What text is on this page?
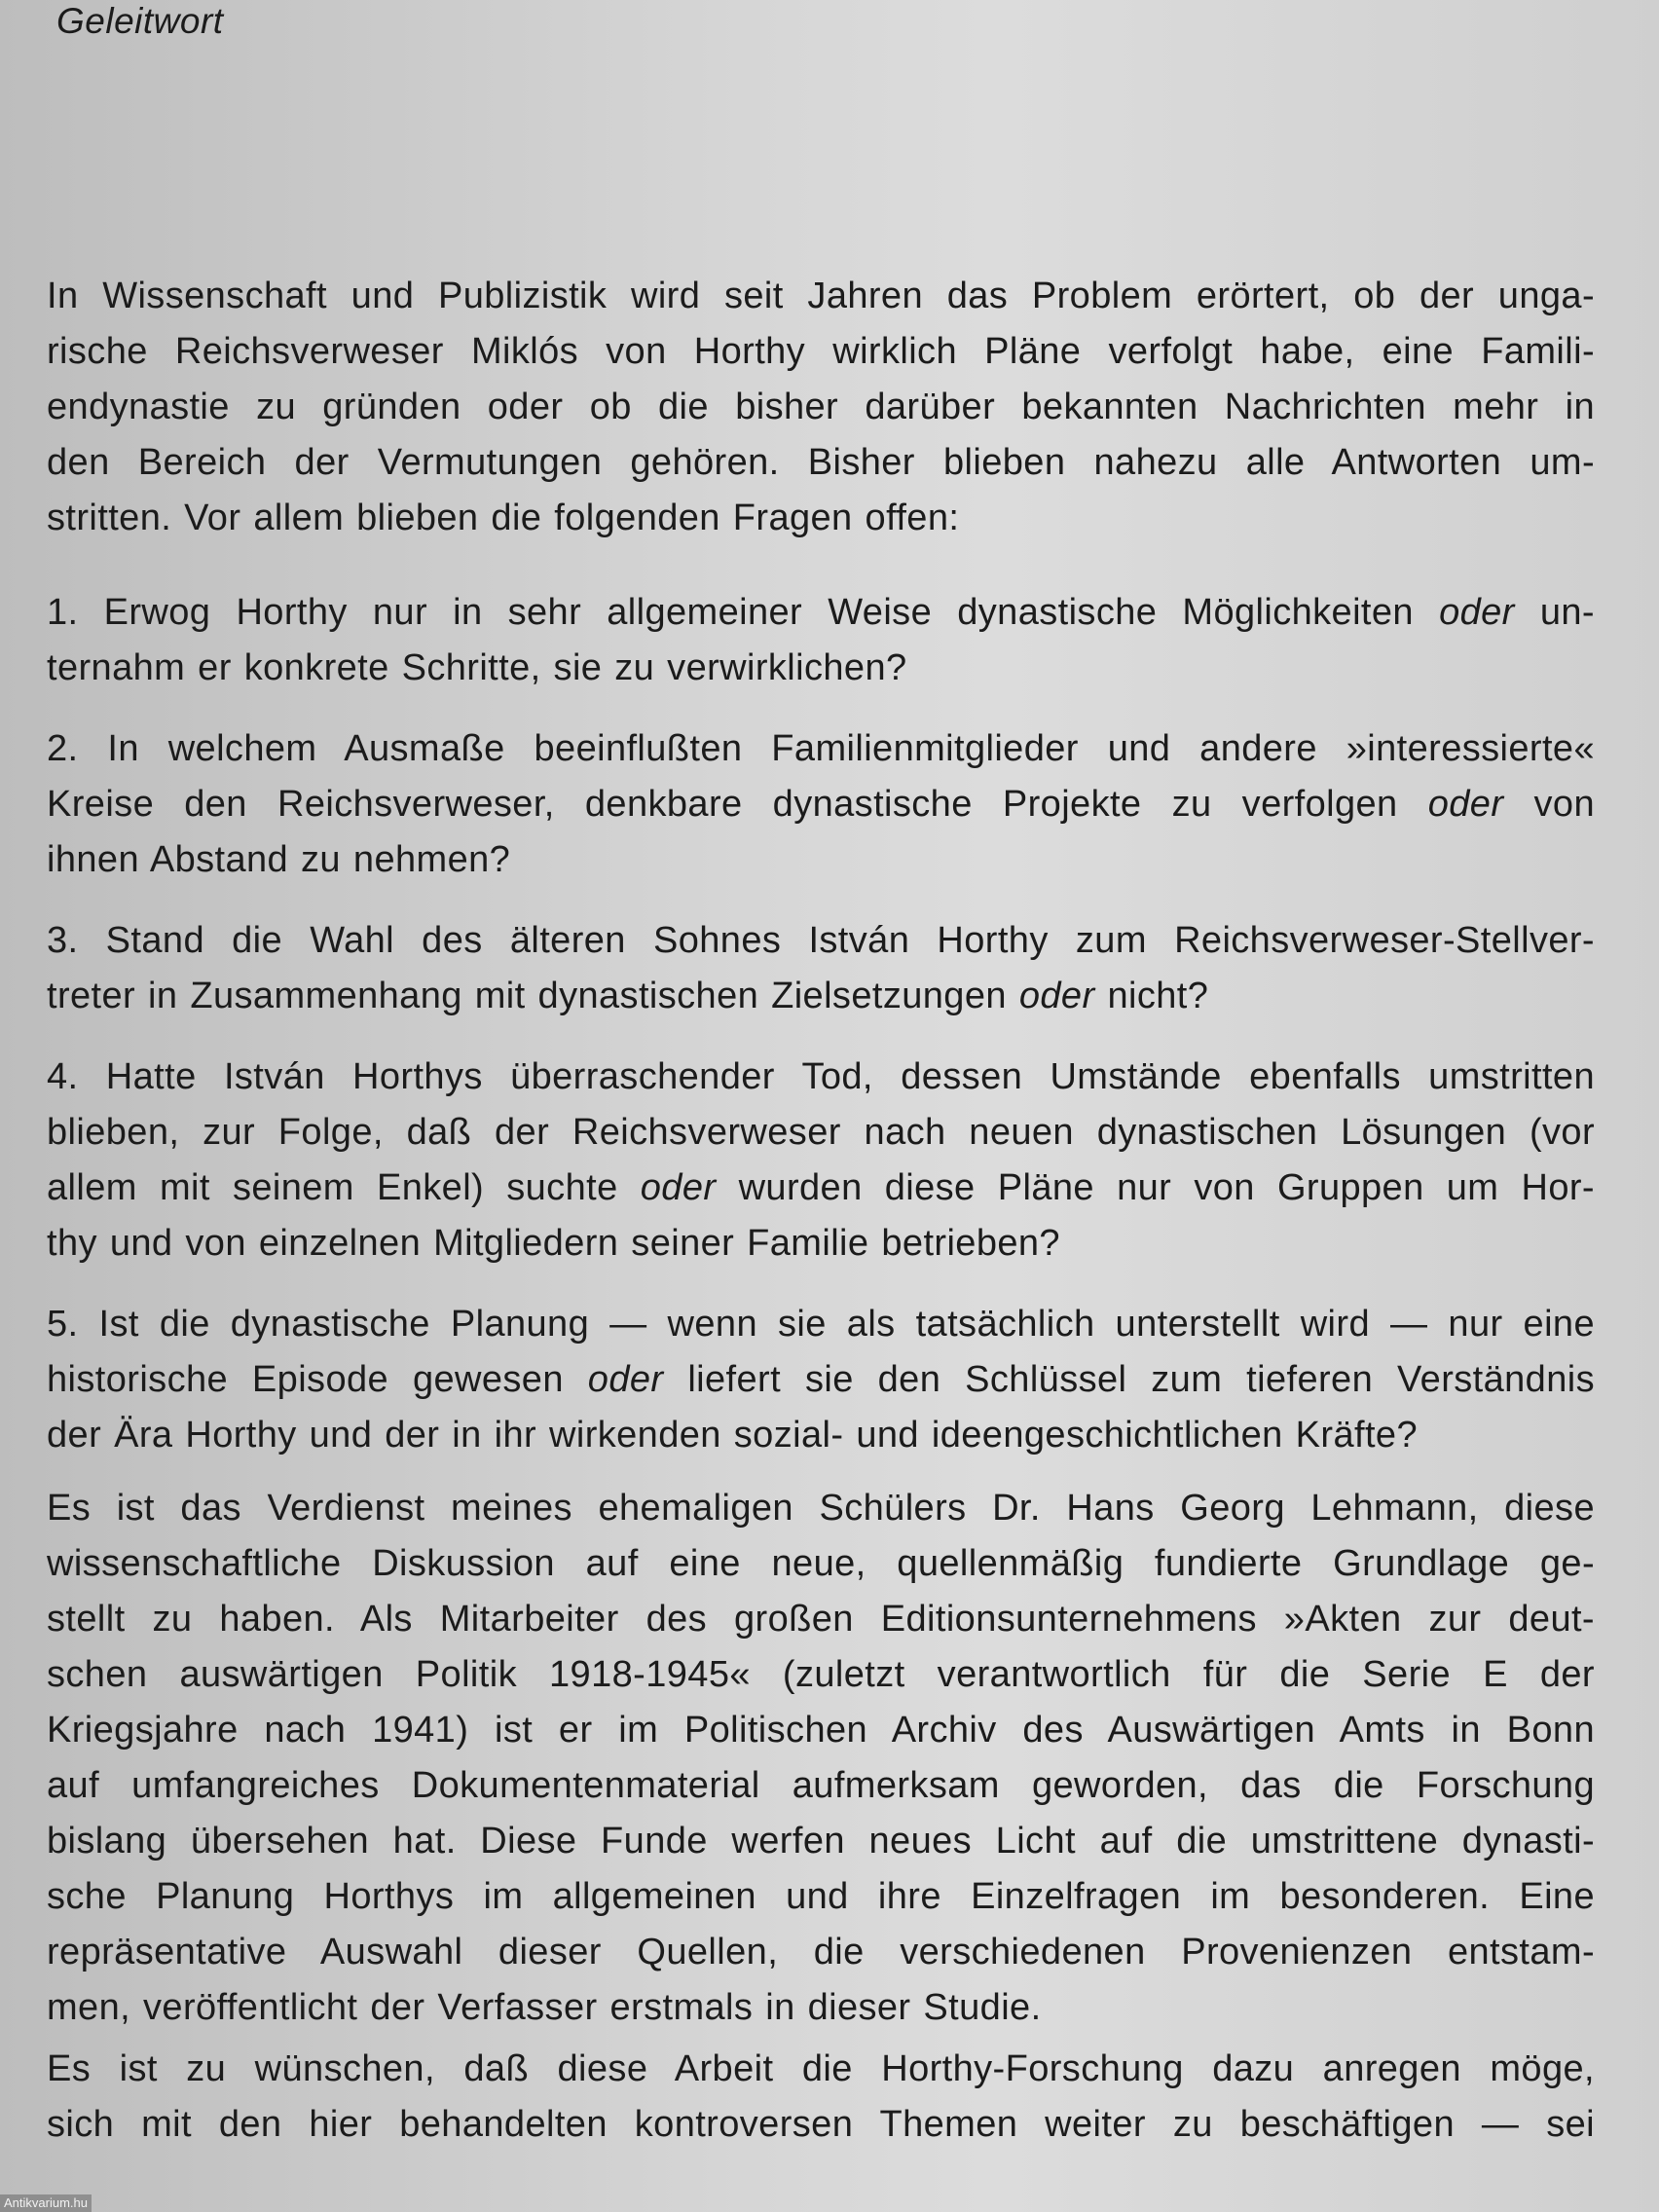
Geleitwort
In Wissenschaft und Publizistik wird seit Jahren das Problem erörtert, ob der unga-
rische Reichsverweser Miklós von Horthy wirklich Pläne verfolgt habe, eine Famili-
endynastie zu gründen oder ob die bisher darüber bekannten Nachrichten mehr in
den Bereich der Vermutungen gehören. Bisher blieben nahezu alle Antworten um-
stritten. Vor allem blieben die folgenden Fragen offen:
1. Erwog Horthy nur in sehr allgemeiner Weise dynastische Möglichkeiten oder un-
ternahm er konkrete Schritte, sie zu verwirklichen?
2. In welchem Ausmaße beeinflußten Familienmitglieder und andere »interessierte«
Kreise den Reichsverweser, denkbare dynastische Projekte zu verfolgen oder von
ihnen Abstand zu nehmen?
3. Stand die Wahl des älteren Sohnes István Horthy zum Reichsverweser-Stellver-
treter in Zusammenhang mit dynastischen Zielsetzungen oder nicht?
4. Hatte István Horthys überraschender Tod, dessen Umstände ebenfalls umstritten
blieben, zur Folge, daß der Reichsverweser nach neuen dynastischen Lösungen (vor
allem mit seinem Enkel) suchte oder wurden diese Pläne nur von Gruppen um Hor-
thy und von einzelnen Mitgliedern seiner Familie betrieben?
5. Ist die dynastische Planung — wenn sie als tatsächlich unterstellt wird — nur eine
historische Episode gewesen oder liefert sie den Schlüssel zum tieferen Verständnis
der Ära Horthy und der in ihr wirkenden sozial- und ideengeschichtlichen Kräfte?
Es ist das Verdienst meines ehemaligen Schülers Dr. Hans Georg Lehmann, diese
wissenschaftliche Diskussion auf eine neue, quellenmäßig fundierte Grundlage ge-
stellt zu haben. Als Mitarbeiter des großen Editionsunternehmens »Akten zur deut-
schen auswärtigen Politik 1918-1945« (zuletzt verantwortlich für die Serie E der
Kriegsjahre nach 1941) ist er im Politischen Archiv des Auswärtigen Amts in Bonn
auf umfangreiches Dokumentenmaterial aufmerksam geworden, das die Forschung
bislang übersehen hat. Diese Funde werfen neues Licht auf die umstrittene dynasti-
sche Planung Horthys im allgemeinen und ihre Einzelfragen im besonderen. Eine
repräsentative Auswahl dieser Quellen, die verschiedenen Provenienzen entstam-
men, veröffentlicht der Verfasser erstmals in dieser Studie.
Es ist zu wünschen, daß diese Arbeit die Horthy-Forschung dazu anregen möge,
sich mit den hier behandelten kontroversen Themen weiter zu beschäftigen — sei
Antikvarium.hu
